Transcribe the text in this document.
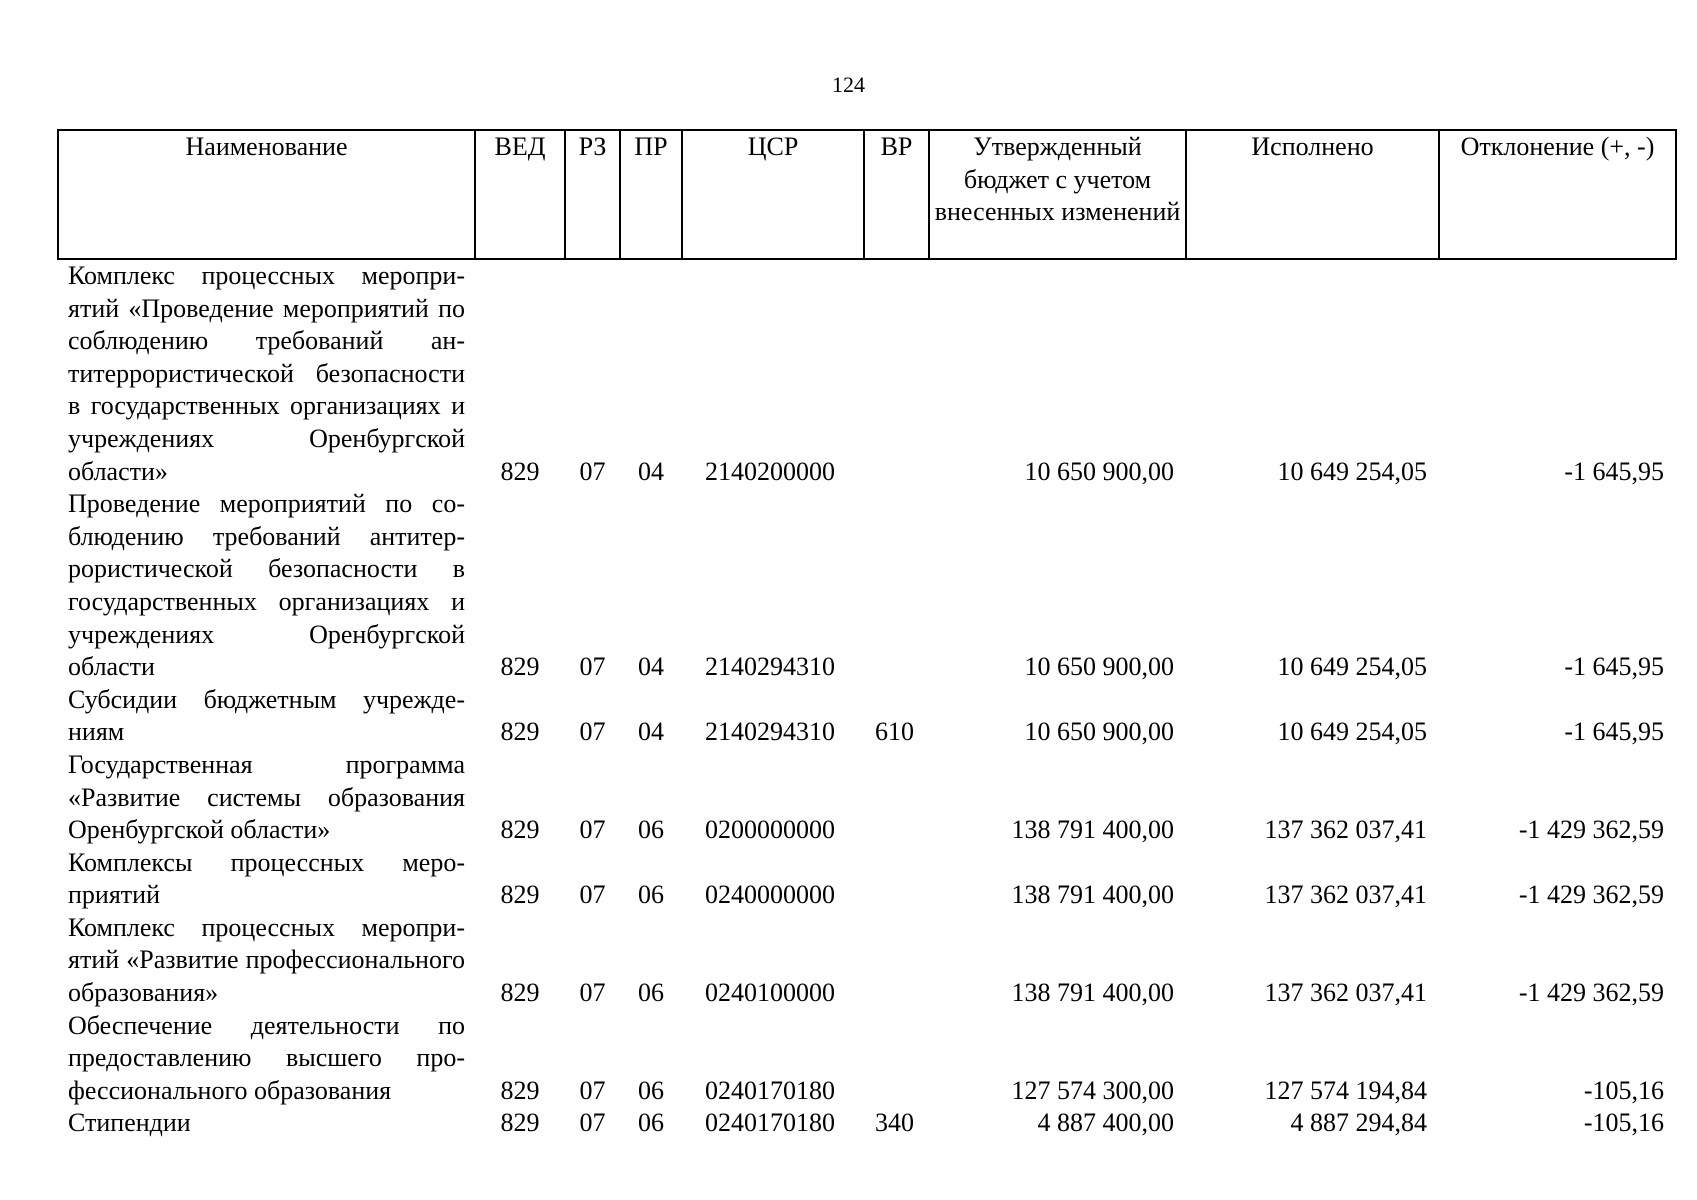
124
Наименование	ВЕД	РЗ	ПР	ЦСР	ВР	Утвержденный бюджет с учетом внесенных изменений	Исполнено	Отклонение (+, -)
Комплекс процессных мероприятий «Проведение мероприятий по соблюдению требований антитеррористической безопасности в государственных организациях и учреждениях Оренбургской области»	829	07	04	2140200000		10 650 900,00	10 649 254,05	-1 645,95
Проведение мероприятий по соблюдению требований антитеррористической безопасности в государственных организациях и учреждениях Оренбургской области	829	07	04	2140294310		10 650 900,00	10 649 254,05	-1 645,95
Субсидии бюджетным учреждениям	829	07	04	2140294310	610	10 650 900,00	10 649 254,05	-1 645,95
Государственная программа «Развитие системы образования Оренбургской области»	829	07	06	0200000000		138 791 400,00	137 362 037,41	-1 429 362,59
Комплексы процессных мероприятий	829	07	06	0240000000		138 791 400,00	137 362 037,41	-1 429 362,59
Комплекс процессных мероприятий «Развитие профессионального образования»	829	07	06	0240100000		138 791 400,00	137 362 037,41	-1 429 362,59
Обеспечение деятельности по предоставлению высшего профессионального образования	829	07	06	0240170180		127 574 300,00	127 574 194,84	-105,16
Стипендии	829	07	06	0240170180	340	4 887 400,00	4 887 294,84	-105,16
